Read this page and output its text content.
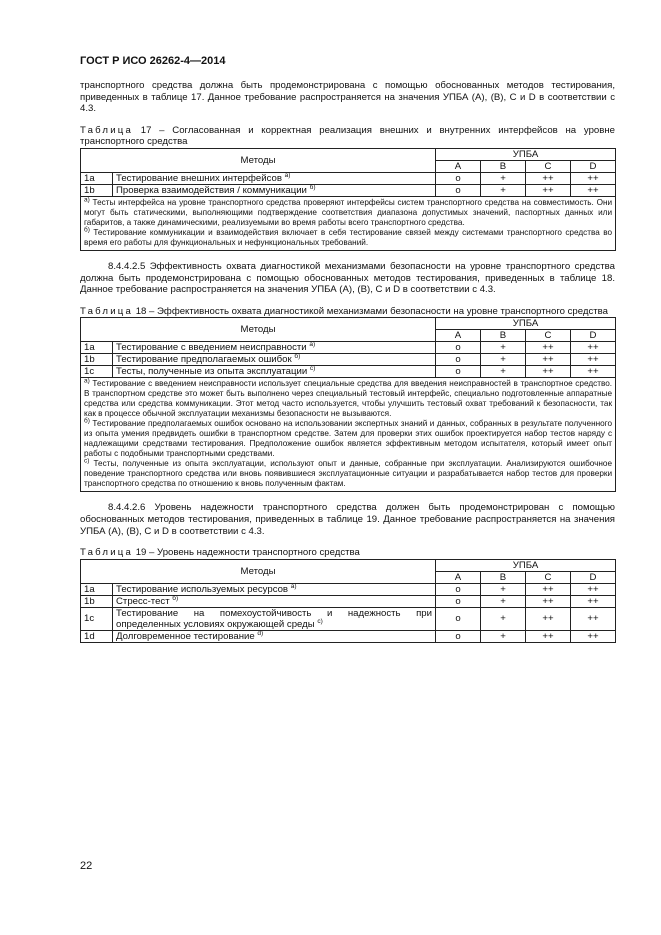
ГОСТ Р ИСО 26262-4—2014

транспортного средства должна быть продемонстрирована с помощью обоснованных методов тестирования, приведенных в таблице 17. Данное требование распространяется на значения УПБА (А), (В), С и D в соответствии с 4.3.

Таблица 17 – Согласованная и корректная реализация внешних и внутренних интерфейсов на уровне транспортного средства

Методы		УПБА			
		A	B	C	D
1a	Тестирование внешних интерфейсов $^{а)}$	o	+	++	++
1b	Проверка взаимодействия / коммуникации $^{б)}$	o	+	++	++

$^{а)}$ Тесты интерфейса на уровне транспортного средства проверяют интерфейсы систем транспортного средства на совместимость. Они могут быть статическими, выполняющими подтверждение соответствия диапазона допустимых значений, паспортных данных или габаритов, а также динамическими, реализуемыми во время работы всего транспортного средства.
$^{б)}$ Тестирование коммуникации и взаимодействия включает в себя тестирование связей между системами транспортного средства во время его работы для функциональных и нефункциональных требований.					

8.4.4.2.5 Эффективность охвата диагностикой механизмами безопасности на уровне транспортного средства должна быть продемонстрирована с помощью обоснованных методов тестирования, приведенных в таблице 18. Данное требование распространяется на значения УПБА (А), (В), С и D в соответствии с 4.3.

Таблица 18 – Эффективность охвата диагностикой механизмами безопасности на уровне транспортного средства

Методы		УПБА			
		A	B	C	D
1a	Тестирование с введением неисправности $^{а)}$	o	+	++	++
1b	Тестирование предполагаемых ошибок $^{б)}$	o	+	++	++
1c	Тесты, полученные из опыта эксплуатации $^{с)}$	o	+	++	++

$^{а)}$ Тестирование с введением неисправности использует специальные средства для введения неисправностей в транспортное средство. В транспортном средстве это может быть выполнено через специальный тестовый интерфейс, специально подготовленные аппаратные средства или средства коммуникации. Этот метод часто используется, чтобы улучшить тестовый охват требований к безопасности, так как в процессе обычной эксплуатации механизмы безопасности не вызываются.
$^{б)}$ Тестирование предполагаемых ошибок основано на использовании экспертных знаний и данных, собранных в результате полученного из опыта умения предвидеть ошибки в транспортном средстве. Затем для проверки этих ошибок проектируется набор тестов наряду с надлежащими средствами тестирования. Предположение ошибок является эффективным методом испытателя, который имеет опыт работы с подобными транспортными средствами.
$^{с)}$ Тесты, полученные из опыта эксплуатации, используют опыт и данные, собранные при эксплуатации. Анализируются ошибочное поведение транспортного средства или вновь появившиеся эксплуатационные ситуации и разрабатывается набор тестов для проверки транспортного средства по отношению к вновь полученным фактам.					

8.4.4.2.6 Уровень надежности транспортного средства должен быть продемонстрирован с помощью обоснованных методов тестирования, приведенных в таблице 19. Данное требование распространяется на значения УПБА (А), (В), С и D в соответствии с 4.3.

Таблица 19 – Уровень надежности транспортного средства

Методы		УПБА			
		A	B	C	D
1a	Тестирование используемых ресурсов $^{а)}$	o	+	++	++
1b	Стресс-тест $^{б)}$	o	+	++	++
1c	Тестирование на помехоустойчивость и надежность при определенных условиях окружающей среды $^{с)}$	o	+	++	++
1d	Долговременное тестирование $^{d)}$	o	+	++	++
22
